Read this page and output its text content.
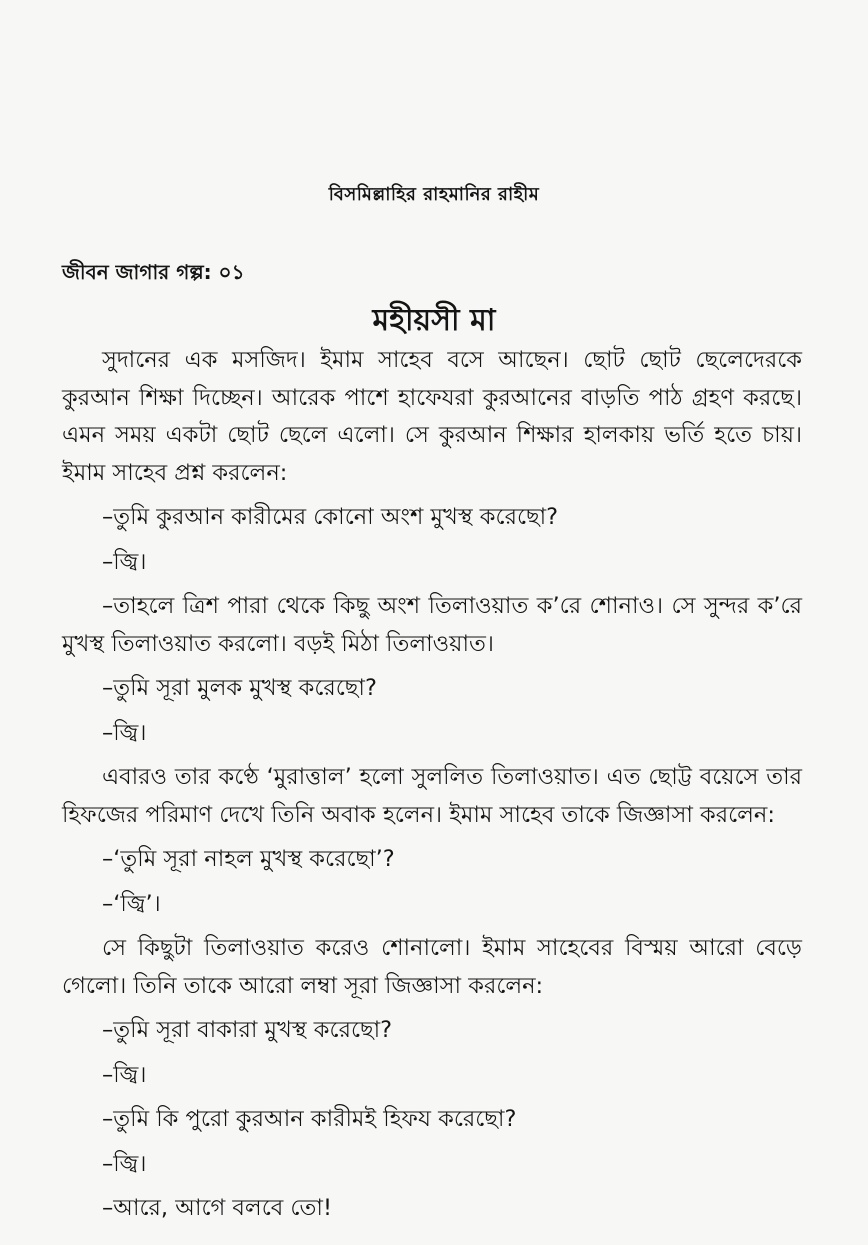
বিসমিল্লাহির রাহমানির রাহীম
জীবন জাগার গল্প: ০১
মহীয়সী মা

সুদানের এক মসজিদ। ইমাম সাহেব বসে আছেন। ছোট ছোট ছেলেদেরকে কুরআন শিক্ষা দিচ্ছেন। আরেক পাশে হাফেযরা কুরআনের বাড়তি পাঠ গ্রহণ করছে। এমন সময় একটা ছোট ছেলে এলো। সে কুরআন শিক্ষার হালকায় ভর্তি হতে চায়। ইমাম সাহেব প্রশ্ন করলেন:

–তুমি কুরআন কারীমের কোনো অংশ মুখস্থ করেছো?

–জ্বি।

–তাহলে ত্রিশ পারা থেকে কিছু অংশ তিলাওয়াত ক’রে শোনাও। সে সুন্দর ক’রে মুখস্থ তিলাওয়াত করলো। বড়ই মিঠা তিলাওয়াত।

–তুমি সূরা মুলক মুখস্থ করেছো?

–জ্বি।

এবারও তার কণ্ঠে ‘মুরাত্তাল’ হলো সুললিত তিলাওয়াত। এত ছোট্ট বয়েসে তার হিফজের পরিমাণ দেখে তিনি অবাক হলেন। ইমাম সাহেব তাকে জিজ্ঞাসা করলেন:

–‘তুমি সূরা নাহল মুখস্থ করেছো’?

–‘জ্বি’।

সে কিছুটা তিলাওয়াত করেও শোনালো। ইমাম সাহেবের বিস্ময় আরো বেড়ে গেলো। তিনি তাকে আরো লম্বা সূরা জিজ্ঞাসা করলেন:

–তুমি সূরা বাকারা মুখস্থ করেছো?

–জ্বি।

–তুমি কি পুরো কুরআন কারীমই হিফয করেছো?

–জ্বি।

–আরে, আগে বলবে তো!
